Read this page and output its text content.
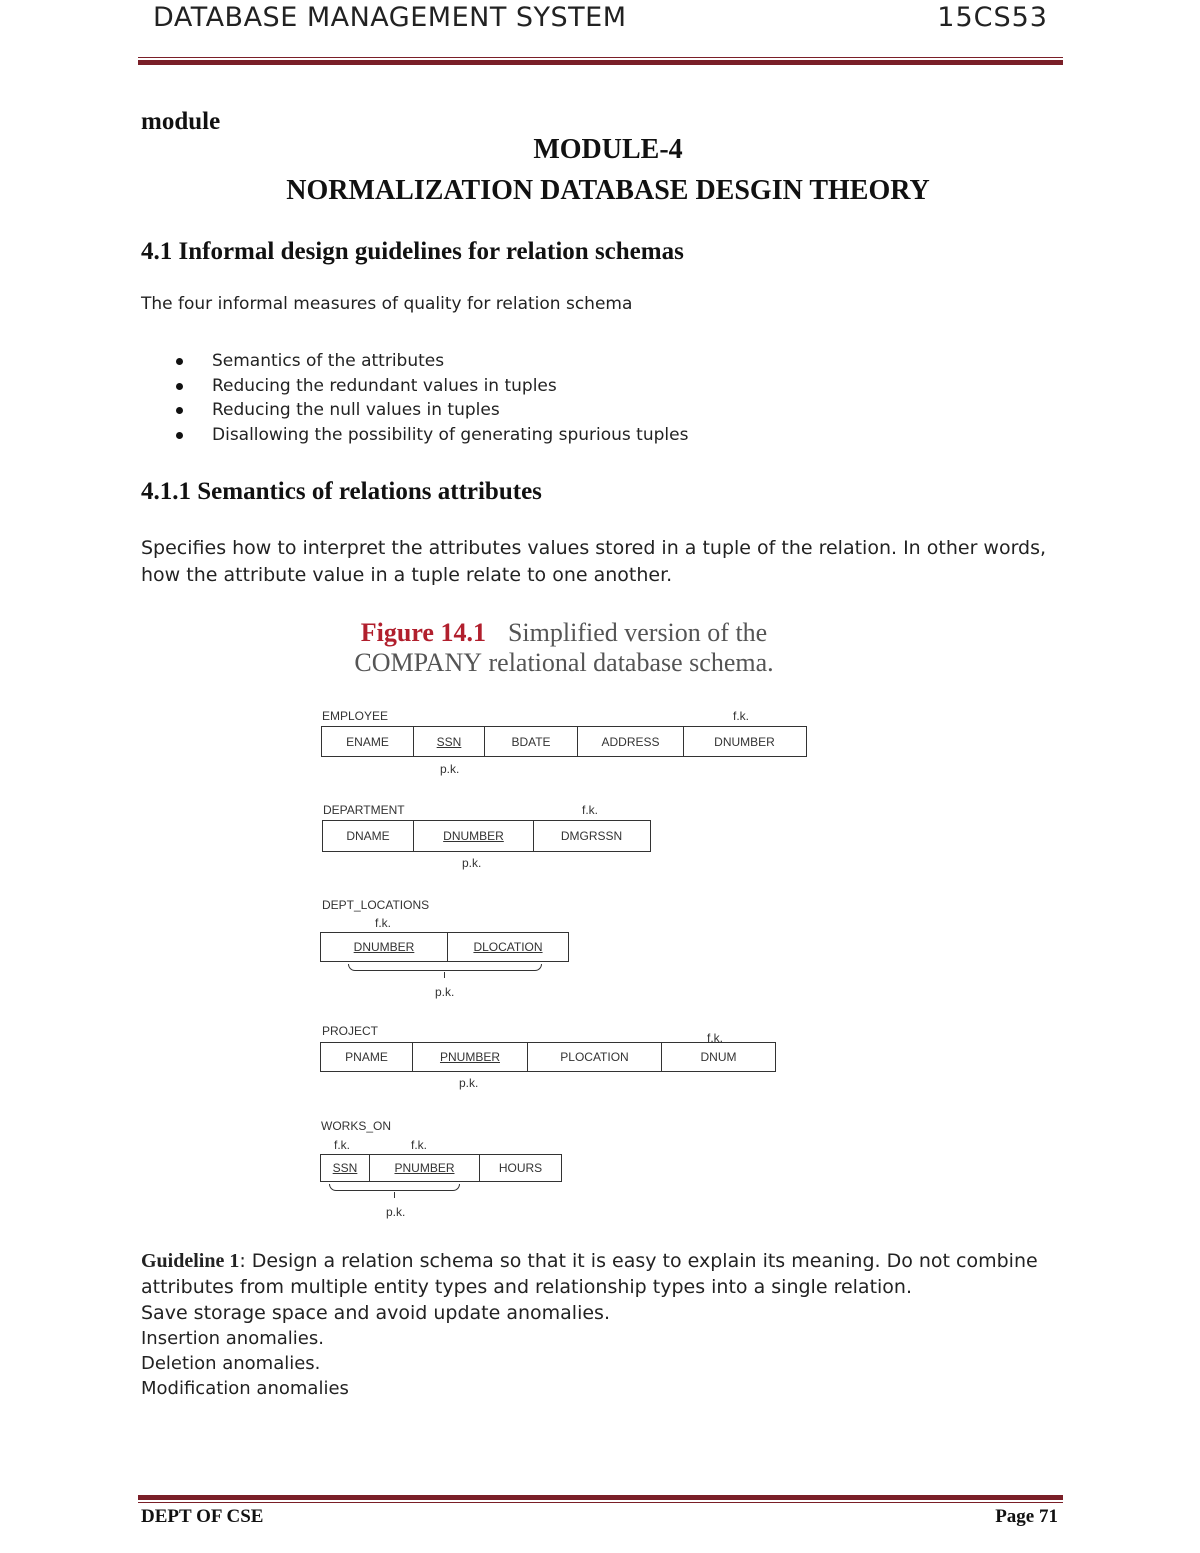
DATABASE MANAGEMENT SYSTEM	15CS53
module
MODULE-4
NORMALIZATION DATABASE DESGIN THEORY
4.1 Informal design guidelines for relation schemas
The four informal measures of quality for relation schema
Semantics of the attributes
Reducing the redundant values in tuples
Reducing the null values in tuples
Disallowing the possibility of generating spurious tuples
4.1.1 Semantics of relations attributes
Specifies how to interpret the attributes values stored in a tuple of the relation. In other words,
how the attribute value in a tuple relate to one another.
Figure 14.1 Simplified version of the
COMPANY relational database schema.
EMPLOYEE	f.k.
ENAME	SSN	BDATE	ADDRESS	DNUMBER
p.k.
DEPARTMENT	f.k.
DNAME	DNUMBER	DMGRSSN
p.k.
DEPT_LOCATIONS
f.k.
DNUMBER	DLOCATION
p.k.
PROJECT	f.k.
PNAME	PNUMBER	PLOCATION	DNUM
p.k.
WORKS_ON
f.k.	f.k.
SSN	PNUMBER	HOURS
p.k.
Guideline 1: Design a relation schema so that it is easy to explain its meaning. Do not combine
attributes from multiple entity types and relationship types into a single relation.
Save storage space and avoid update anomalies.
Insertion anomalies.
Deletion anomalies.
Modification anomalies
DEPT OF CSE	Page 71
